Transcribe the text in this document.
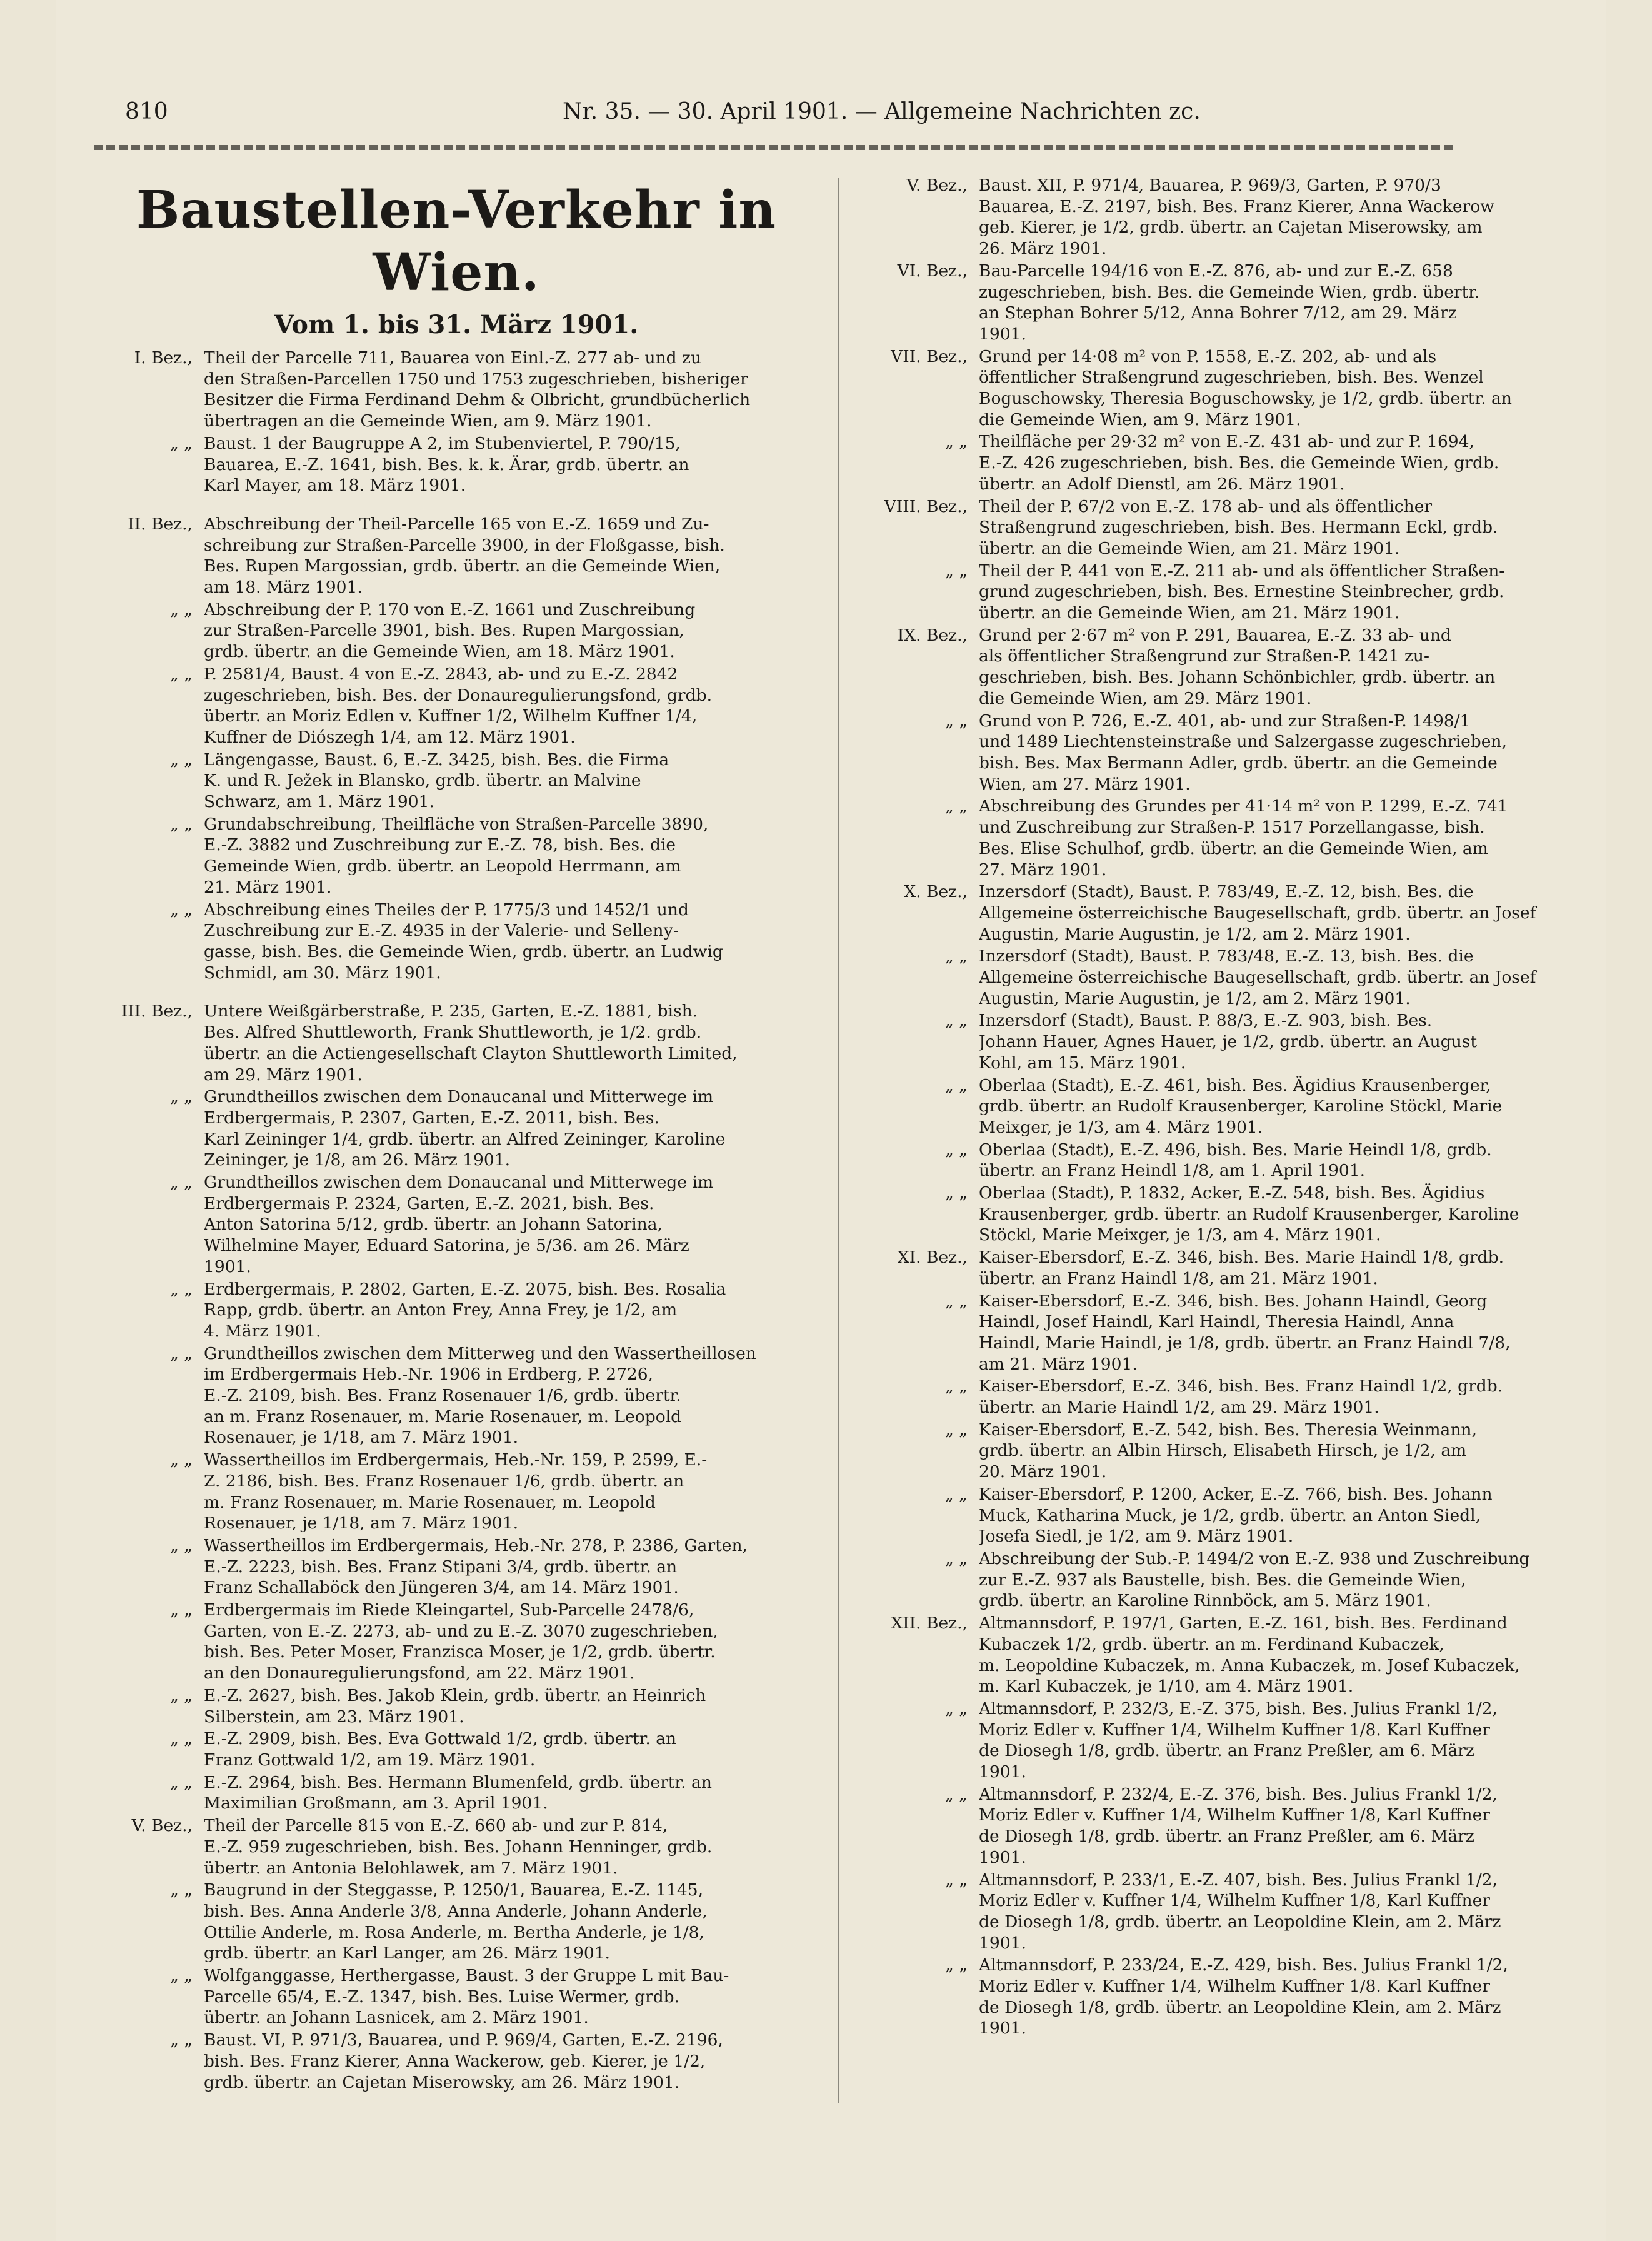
810	Nr. 35. — 30. April 1901. — Allgemeine Nachrichten zc.
Baustellen-Verkehr in Wien.
Vom 1. bis 31. März 1901.
I. Bez., Theil der Parcelle 711, Bauarea von Einl.-Z. 277 ab- und zu
den Straßen-Parcellen 1750 und 1753 zugeschrieben, bisheriger
Besitzer die Firma Ferdinand Dehm & Olbricht, grundbücherlich
übertragen an die Gemeinde Wien, am 9. März 1901.
„ „ Baust. 1 der Baugruppe A 2, im Stubenviertel, P. 790/15,
Bauarea, E.-Z. 1641, bish. Bes. k. k. Ärar, grdb. übertr. an
Karl Mayer, am 18. März 1901.
II. Bez., Abschreibung der Theil-Parcelle 165 von E.-Z. 1659 und Zu-
schreibung zur Straßen-Parcelle 3900, in der Floßgasse, bish.
Bes. Rupen Margossian, grdb. übertr. an die Gemeinde Wien,
am 18. März 1901.
„ „ Abschreibung der P. 170 von E.-Z. 1661 und Zuschreibung
zur Straßen-Parcelle 3901, bish. Bes. Rupen Margossian,
grdb. übertr. an die Gemeinde Wien, am 18. März 1901.
„ „ P. 2581/4, Baust. 4 von E.-Z. 2843, ab- und zu E.-Z. 2842
zugeschrieben, bish. Bes. der Donauregulierungsfond, grdb.
übertr. an Moriz Edlen v. Kuffner 1/2, Wilhelm Kuffner 1/4,
Kuffner de Diószegh 1/4, am 12. März 1901.
„ „ Längengasse, Baust. 6, E.-Z. 3425, bish. Bes. die Firma
K. und R. Ježek in Blansko, grdb. übertr. an Malvine
Schwarz, am 1. März 1901.
„ „ Grundabschreibung, Theilfläche von Straßen-Parcelle 3890,
E.-Z. 3882 und Zuschreibung zur E.-Z. 78, bish. Bes. die
Gemeinde Wien, grdb. übertr. an Leopold Herrmann, am
21. März 1901.
„ „ Abschreibung eines Theiles der P. 1775/3 und 1452/1 und
Zuschreibung zur E.-Z. 4935 in der Valerie- und Sellenу-
gasse, bish. Bes. die Gemeinde Wien, grdb. übertr. an Ludwig
Schmidl, am 30. März 1901.
III. Bez., Untere Weißgärberstraße, P. 235, Garten, E.-Z. 1881, bish.
Bes. Alfred Shuttleworth, Frank Shuttleworth, je 1/2. grdb.
übertr. an die Actiengesellschaft Clayton Shuttleworth Limited,
am 29. März 1901.
„ „ Grundtheillos zwischen dem Donaucanal und Mitterwege im
Erdbergermais, P. 2307, Garten, E.-Z. 2011, bish. Bes.
Karl Zeininger 1/4, grdb. übertr. an Alfred Zeininger, Karoline
Zeininger, je 1/8, am 26. März 1901.
„ „ Grundtheillos zwischen dem Donaucanal und Mitterwege im
Erdbergermais P. 2324, Garten, E.-Z. 2021, bish. Bes.
Anton Satorina 5/12, grdb. übertr. an Johann Satorina,
Wilhelmine Mayer, Eduard Satorina, je 5/36. am 26. März
1901.
„ „ Erdbergermais, P. 2802, Garten, E.-Z. 2075, bish. Bes. Rosalia
Rapp, grdb. übertr. an Anton Frey, Anna Frey, je 1/2, am
4. März 1901.
„ „ Grundtheillos zwischen dem Mitterweg und den Wassertheillosen
im Erdbergermais Heb.-Nr. 1906 in Erdberg, P. 2726,
E.-Z. 2109, bish. Bes. Franz Rosenauer 1/6, grdb. übertr.
an m. Franz Rosenauer, m. Marie Rosenauer, m. Leopold
Rosenauer, je 1/18, am 7. März 1901.
„ „ Wassertheillos im Erdbergermais, Heb.-Nr. 159, P. 2599, E.-
Z. 2186, bish. Bes. Franz Rosenauer 1/6, grdb. übertr. an
m. Franz Rosenauer, m. Marie Rosenauer, m. Leopold
Rosenauer, je 1/18, am 7. März 1901.
„ „ Wassertheillos im Erdbergermais, Heb.-Nr. 278, P. 2386, Garten,
E.-Z. 2223, bish. Bes. Franz Stipani 3/4, grdb. übertr. an
Franz Schallaböck den Jüngeren 3/4, am 14. März 1901.
„ „ Erdbergermais im Riede Kleingartel, Sub-Parcelle 2478/6,
Garten, von E.-Z. 2273, ab- und zu E.-Z. 3070 zugeschrieben,
bish. Bes. Peter Moser, Franzisca Moser, je 1/2, grdb. übertr.
an den Donauregulierungsfond, am 22. März 1901.
„ „ E.-Z. 2627, bish. Bes. Jakob Klein, grdb. übertr. an Heinrich
Silberstein, am 23. März 1901.
„ „ E.-Z. 2909, bish. Bes. Eva Gottwald 1/2, grdb. übertr. an
Franz Gottwald 1/2, am 19. März 1901.
„ „ E.-Z. 2964, bish. Bes. Hermann Blumenfeld, grdb. übertr. an
Maximilian Großmann, am 3. April 1901.
V. Bez., Theil der Parcelle 815 von E.-Z. 660 ab- und zur P. 814,
E.-Z. 959 zugeschrieben, bish. Bes. Johann Henninger, grdb.
übertr. an Antonia Belohlawek, am 7. März 1901.
„ „ Baugrund in der Steggasse, P. 1250/1, Bauarea, E.-Z. 1145,
bish. Bes. Anna Anderle 3/8, Anna Anderle, Johann Anderle,
Ottilie Anderle, m. Rosa Anderle, m. Bertha Anderle, je 1/8,
grdb. übertr. an Karl Langer, am 26. März 1901.
„ „ Wolfganggasse, Herthergasse, Baust. 3 der Gruppe L mit Bau-
Parcelle 65/4, E.-Z. 1347, bish. Bes. Luise Wermer, grdb.
übertr. an Johann Lasnicek, am 2. März 1901.
„ „ Baust. VI, P. 971/3, Bauarea, und P. 969/4, Garten, E.-Z. 2196,
bish. Bes. Franz Kierer, Anna Wackerow, geb. Kierer, je 1/2,
grdb. übertr. an Cajetan Miserowsky, am 26. März 1901.
V. Bez., Baust. XII, P. 971/4, Bauarea, P. 969/3, Garten, P. 970/3
Bauarea, E.-Z. 2197, bish. Bes. Franz Kierer, Anna Wackerow
geb. Kierer, je 1/2, grdb. übertr. an Cajetan Miserowsky, am
26. März 1901.
VI. Bez., Bau-Parcelle 194/16 von E.-Z. 876, ab- und zur E.-Z. 658
zugeschrieben, bish. Bes. die Gemeinde Wien, grdb. übertr.
an Stephan Bohrer 5/12, Anna Bohrer 7/12, am 29. März
1901.
VII. Bez., Grund per 14·08 m² von P. 1558, E.-Z. 202, ab- und als
öffentlicher Straßengrund zugeschrieben, bish. Bes. Wenzel
Boguschowsky, Theresia Boguschowsky, je 1/2, grdb. übertr. an
die Gemeinde Wien, am 9. März 1901.
„ „ Theilfläche per 29·32 m² von E.-Z. 431 ab- und zur P. 1694,
E.-Z. 426 zugeschrieben, bish. Bes. die Gemeinde Wien, grdb.
übertr. an Adolf Dienstl, am 26. März 1901.
VIII. Bez., Theil der P. 67/2 von E.-Z. 178 ab- und als öffentlicher
Straßengrund zugeschrieben, bish. Bes. Hermann Eckl, grdb.
übertr. an die Gemeinde Wien, am 21. März 1901.
„ „ Theil der P. 441 von E.-Z. 211 ab- und als öffentlicher Straßen-
grund zugeschrieben, bish. Bes. Ernestine Steinbrecher, grdb.
übertr. an die Gemeinde Wien, am 21. März 1901.
IX. Bez., Grund per 2·67 m² von P. 291, Bauarea, E.-Z. 33 ab- und
als öffentlicher Straßengrund zur Straßen-P. 1421 zu-
geschrieben, bish. Bes. Johann Schönbichler, grdb. übertr. an
die Gemeinde Wien, am 29. März 1901.
„ „ Grund von P. 726, E.-Z. 401, ab- und zur Straßen-P. 1498/1
und 1489 Liechtensteinstraße und Salzergasse zugeschrieben,
bish. Bes. Max Bermann Adler, grdb. übertr. an die Gemeinde
Wien, am 27. März 1901.
„ „ Abschreibung des Grundes per 41·14 m² von P. 1299, E.-Z. 741
und Zuschreibung zur Straßen-P. 1517 Porzellangasse, bish.
Bes. Elise Schulhof, grdb. übertr. an die Gemeinde Wien, am
27. März 1901.
X. Bez., Inzersdorf (Stadt), Baust. P. 783/49, E.-Z. 12, bish. Bes. die
Allgemeine österreichische Baugesellschaft, grdb. übertr. an Josef
Augustin, Marie Augustin, je 1/2, am 2. März 1901.
„ „ Inzersdorf (Stadt), Baust. P. 783/48, E.-Z. 13, bish. Bes. die
Allgemeine österreichische Baugesellschaft, grdb. übertr. an Josef
Augustin, Marie Augustin, je 1/2, am 2. März 1901.
„ „ Inzersdorf (Stadt), Baust. P. 88/3, E.-Z. 903, bish. Bes.
Johann Hauer, Agnes Hauer, je 1/2, grdb. übertr. an August
Kohl, am 15. März 1901.
„ „ Oberlaa (Stadt), E.-Z. 461, bish. Bes. Ägidius Krausenberger,
grdb. übertr. an Rudolf Krausenberger, Karoline Stöckl, Marie
Meixger, je 1/3, am 4. März 1901.
„ „ Oberlaa (Stadt), E.-Z. 496, bish. Bes. Marie Heindl 1/8, grdb.
übertr. an Franz Heindl 1/8, am 1. April 1901.
„ „ Oberlaa (Stadt), P. 1832, Acker, E.-Z. 548, bish. Bes. Ägidius
Krausenberger, grdb. übertr. an Rudolf Krausenberger, Karoline
Stöckl, Marie Meixger, je 1/3, am 4. März 1901.
XI. Bez., Kaiser-Ebersdorf, E.-Z. 346, bish. Bes. Marie Haindl 1/8, grdb.
übertr. an Franz Haindl 1/8, am 21. März 1901.
„ „ Kaiser-Ebersdorf, E.-Z. 346, bish. Bes. Johann Haindl, Georg
Haindl, Josef Haindl, Karl Haindl, Theresia Haindl, Anna
Haindl, Marie Haindl, je 1/8, grdb. übertr. an Franz Haindl 7/8,
am 21. März 1901.
„ „ Kaiser-Ebersdorf, E.-Z. 346, bish. Bes. Franz Haindl 1/2, grdb.
übertr. an Marie Haindl 1/2, am 29. März 1901.
„ „ Kaiser-Ebersdorf, E.-Z. 542, bish. Bes. Theresia Weinmann,
grdb. übertr. an Albin Hirsch, Elisabeth Hirsch, je 1/2, am
20. März 1901.
„ „ Kaiser-Ebersdorf, P. 1200, Acker, E.-Z. 766, bish. Bes. Johann
Muck, Katharina Muck, je 1/2, grdb. übertr. an Anton Siedl,
Josefa Siedl, je 1/2, am 9. März 1901.
„ „ Abschreibung der Sub.-P. 1494/2 von E.-Z. 938 und Zuschreibung
zur E.-Z. 937 als Baustelle, bish. Bes. die Gemeinde Wien,
grdb. übertr. an Karoline Rinnböck, am 5. März 1901.
XII. Bez., Altmannsdorf, P. 197/1, Garten, E.-Z. 161, bish. Bes. Ferdinand
Kubaczek 1/2, grdb. übertr. an m. Ferdinand Kubaczek,
m. Leopoldine Kubaczek, m. Anna Kubaczek, m. Josef Kubaczek,
m. Karl Kubaczek, je 1/10, am 4. März 1901.
„ „ Altmannsdorf, P. 232/3, E.-Z. 375, bish. Bes. Julius Frankl 1/2,
Moriz Edler v. Kuffner 1/4, Wilhelm Kuffner 1/8. Karl Kuffner
de Diosegh 1/8, grdb. übertr. an Franz Preßler, am 6. März
1901.
„ „ Altmannsdorf, P. 232/4, E.-Z. 376, bish. Bes. Julius Frankl 1/2,
Moriz Edler v. Kuffner 1/4, Wilhelm Kuffner 1/8, Karl Kuffner
de Diosegh 1/8, grdb. übertr. an Franz Preßler, am 6. März
1901.
„ „ Altmannsdorf, P. 233/1, E.-Z. 407, bish. Bes. Julius Frankl 1/2,
Moriz Edler v. Kuffner 1/4, Wilhelm Kuffner 1/8, Karl Kuffner
de Diosegh 1/8, grdb. übertr. an Leopoldine Klein, am 2. März
1901.
„ „ Altmannsdorf, P. 233/24, E.-Z. 429, bish. Bes. Julius Frankl 1/2,
Moriz Edler v. Kuffner 1/4, Wilhelm Kuffner 1/8. Karl Kuffner
de Diosegh 1/8, grdb. übertr. an Leopoldine Klein, am 2. März
1901.
